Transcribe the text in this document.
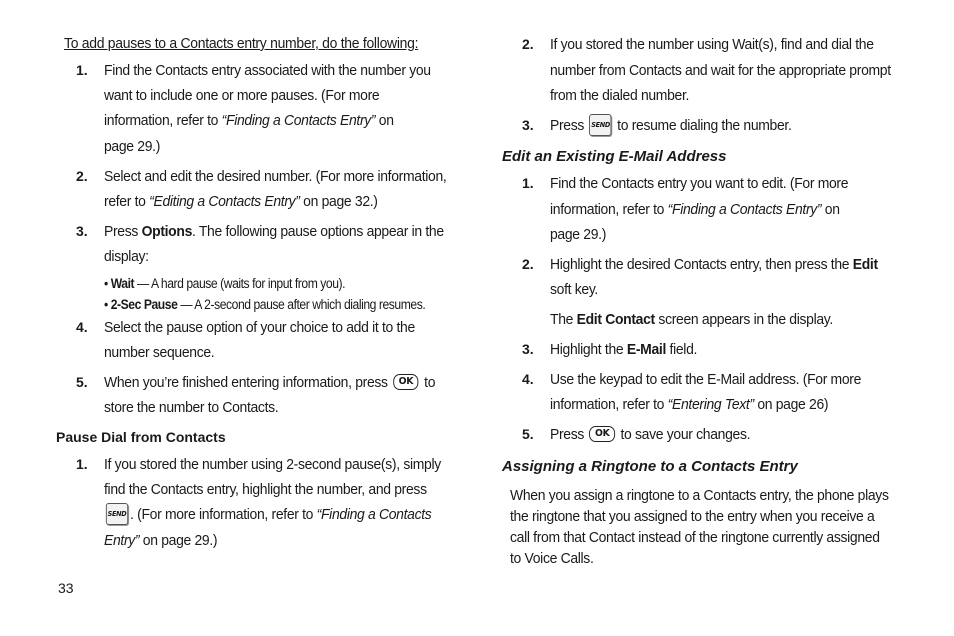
To add pauses to a Contacts entry number, do the following:
1. Find the Contacts entry associated with the number you
want to include one or more pauses. (For more
information, refer to “Finding a Contacts Entry” on
page 29.)
2. Select and edit the desired number. (For more information,
refer to “Editing a Contacts Entry” on page 32.)
3. Press Options. The following pause options appear in the
display:
• Wait — A hard pause (waits for input from you).
• 2-Sec Pause — A 2-second pause after which dialing resumes.
4. Select the pause option of your choice to add it to the
number sequence.
5. When you’re finished entering information, press OK to
store the number to Contacts.
Pause Dial from Contacts
1. If you stored the number using 2-second pause(s), simply
find the Contacts entry, highlight the number, and press
SEND . (For more information, refer to “Finding a Contacts
Entry” on page 29.)
2. If you stored the number using Wait(s), find and dial the
number from Contacts and wait for the appropriate prompt
from the dialed number.
3. Press SEND to resume dialing the number.
Edit an Existing E-Mail Address
1. Find the Contacts entry you want to edit. (For more
information, refer to “Finding a Contacts Entry” on
page 29.)
2. Highlight the desired Contacts entry, then press the Edit
soft key.
The Edit Contact screen appears in the display.
3. Highlight the E-Mail field.
4. Use the keypad to edit the E-Mail address. (For more
information, refer to “Entering Text” on page 26)
5. Press OK to save your changes.
Assigning a Ringtone to a Contacts Entry
When you assign a ringtone to a Contacts entry, the phone plays
the ringtone that you assigned to the entry when you receive a
call from that Contact instead of the ringtone currently assigned
to Voice Calls.
33
